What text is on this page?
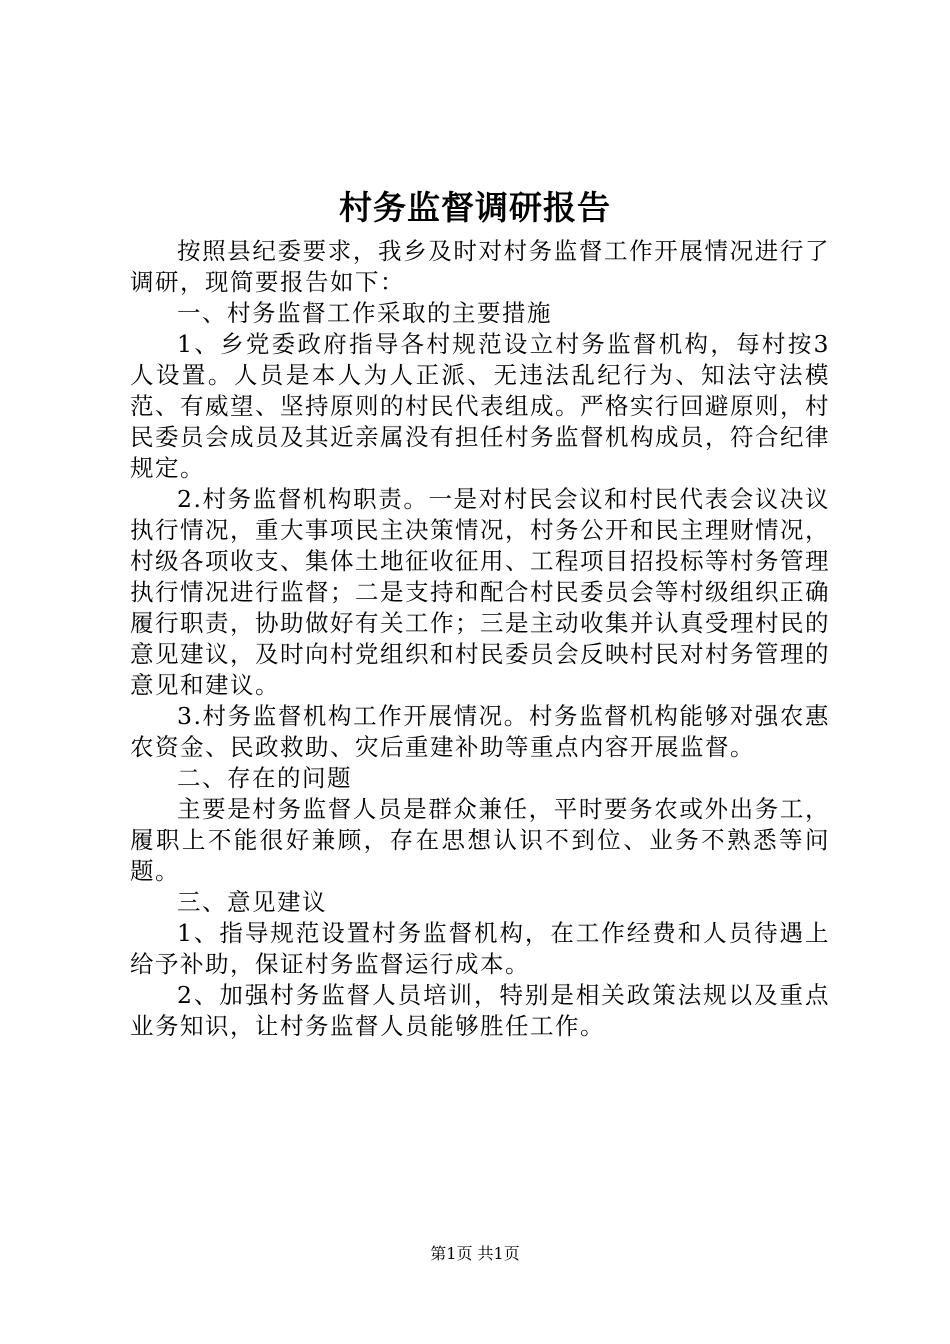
村务监督调研报告

按照县纪委要求，我乡及时对村务监督工作开展情况进行了调研，现简要报告如下：

一、村务监督工作采取的主要措施

1、乡党委政府指导各村规范设立村务监督机构，每村按3人设置。人员是本人为人正派、无违法乱纪行为、知法守法模范、有威望、坚持原则的村民代表组成。严格实行回避原则，村民委员会成员及其近亲属没有担任村务监督机构成员，符合纪律规定。

2.村务监督机构职责。一是对村民会议和村民代表会议决议执行情况，重大事项民主决策情况，村务公开和民主理财情况，村级各项收支、集体土地征收征用、工程项目招投标等村务管理执行情况进行监督；二是支持和配合村民委员会等村级组织正确履行职责，协助做好有关工作；三是主动收集并认真受理村民的意见建议，及时向村党组织和村民委员会反映村民对村务管理的意见和建议。

3.村务监督机构工作开展情况。村务监督机构能够对强农惠农资金、民政救助、灾后重建补助等重点内容开展监督。

二、存在的问题

主要是村务监督人员是群众兼任，平时要务农或外出务工，履职上不能很好兼顾，存在思想认识不到位、业务不熟悉等问题。

三、意见建议

1、指导规范设置村务监督机构，在工作经费和人员待遇上给予补助，保证村务监督运行成本。

2、加强村务监督人员培训，特别是相关政策法规以及重点业务知识，让村务监督人员能够胜任工作。

第1页 共1页
